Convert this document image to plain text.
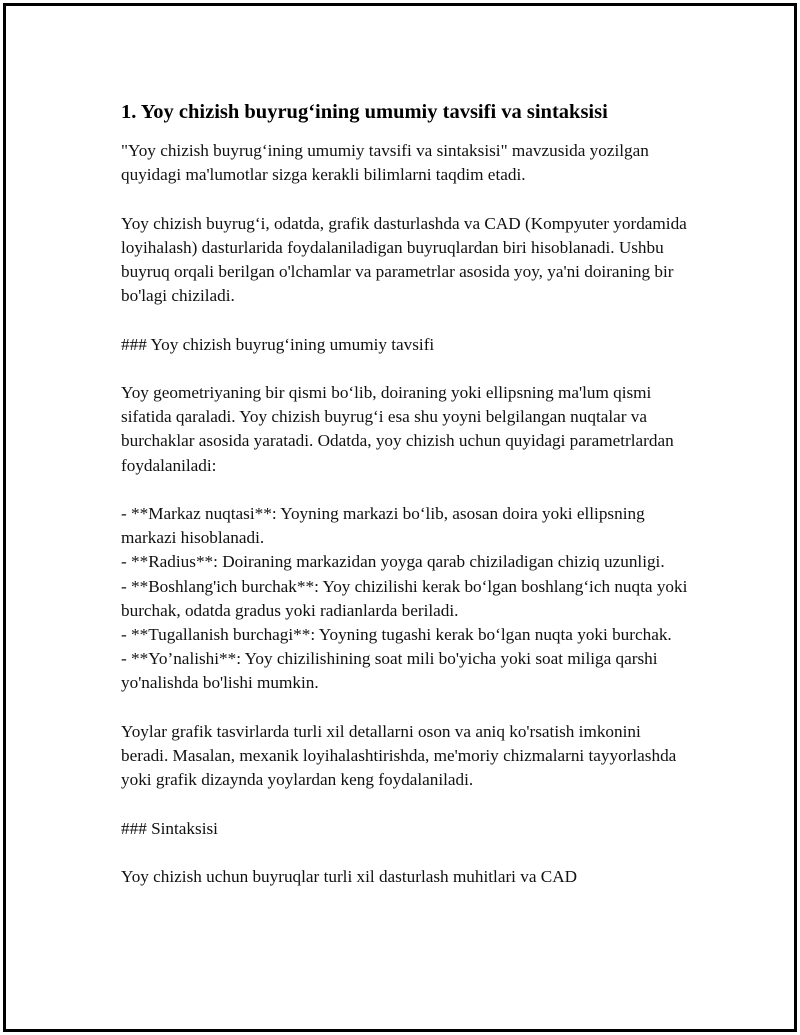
1. Yoy chizish buyrug‘ining umumiy tavsifi va sintaksisi
"Yoy chizish buyrug‘ining umumiy tavsifi va sintaksisi" mavzusida yozilgan quyidagi ma'lumotlar sizga kerakli bilimlarni taqdim etadi.
Yoy chizish buyrug‘i, odatda, grafik dasturlashda va CAD (Kompyuter yordamida loyihalash) dasturlarida foydalaniladigan buyruqlardan biri hisoblanadi. Ushbu buyruq orqali berilgan o'lchamlar va parametrlar asosida yoy, ya'ni doiraning bir bo'lagi chiziladi.
### Yoy chizish buyrug‘ining umumiy tavsifi
Yoy geometriyaning bir qismi bo‘lib, doiraning yoki ellipsning ma'lum qismi sifatida qaraladi. Yoy chizish buyrug‘i esa shu yoyni belgilangan nuqtalar va burchaklar asosida yaratadi. Odatda, yoy chizish uchun quyidagi parametrlardan foydalaniladi:
- **Markaz nuqtasi**: Yoyning markazi bo‘lib, asosan doira yoki ellipsning markazi hisoblanadi.
- **Radius**: Doiraning markazidan yoyga qarab chiziladigan chiziq uzunligi.
- **Boshlang'ich burchak**: Yoy chizilishi kerak bo‘lgan boshlang‘ich nuqta yoki burchak, odatda gradus yoki radianlarda beriladi.
- **Tugallanish burchagi**: Yoyning tugashi kerak bo‘lgan nuqta yoki burchak.
- **Yo’nalishi**: Yoy chizilishining soat mili bo'yicha yoki soat miliga qarshi yo'nalishda bo'lishi mumkin.
Yoylar grafik tasvirlarda turli xil detallarni oson va aniq ko'rsatish imkonini beradi. Masalan, mexanik loyihalashtirishda, me'moriy chizmalarni tayyorlashda yoki grafik dizaynda yoylardan keng foydalaniladi.
### Sintaksisi
Yoy chizish uchun buyruqlar turli xil dasturlash muhitlari va CAD
